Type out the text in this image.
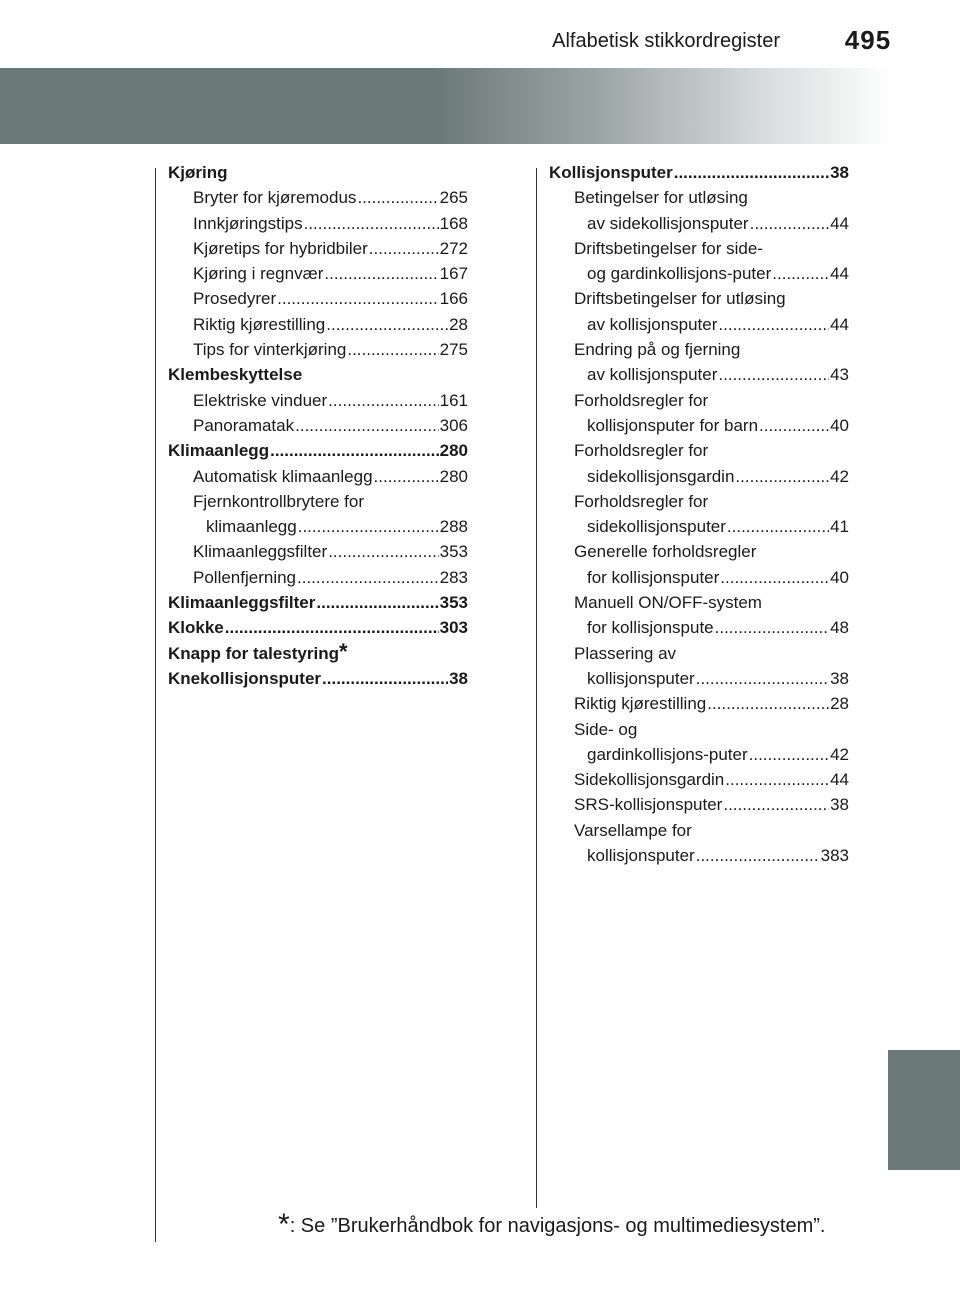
Alfabetisk stikkordregister	495
Kjøring
Bryter for kjøremodus .....	265
Innkjøringstips .....	168
Kjøretips for hybridbiler .....	272
Kjøring i regnvær .....	167
Prosedyrer .....	166
Riktig kjørestilling .....	28
Tips for vinterkjøring .....	275
Klembeskyttelse
Elektriske vinduer .....	161
Panoramatak .....	306
Klimaanlegg .....	280
Automatisk klimaanlegg .....	280
Fjernkontrollbrytere for
klimaanlegg .....	288
Klimaanleggsfilter .....	353
Pollenfjerning .....	283
Klimaanleggsfilter .....	353
Klokke .....	303
Knapp for talestyring *
Knekollisjonsputer .....	38
Kollisjonsputer .....	38
Betingelser for utløsing
av sidekollisjonsputer .....	44
Driftsbetingelser for side-
og gardinkollisjons-puter .....	44
Driftsbetingelser for utløsing
av kollisjonsputer .....	44
Endring på og fjerning
av kollisjonsputer .....	43
Forholdsregler for
kollisjonsputer for barn .....	40
Forholdsregler for
sidekollisjonsgardin .....	42
Forholdsregler for
sidekollisjonsputer .....	41
Generelle forholdsregler
for kollisjonsputer .....	40
Manuell ON/OFF-system
for kollisjonspute .....	48
Plassering av
kollisjonsputer .....	38
Riktig kjørestilling .....	28
Side- og
gardinkollisjons-puter .....	42
Sidekollisjonsgardin .....	44
SRS-kollisjonsputer .....	38
Varsellampe for
kollisjonsputer .....	383
*: Se ”Brukerhåndbok for navigasjons- og multimediesystem”.
